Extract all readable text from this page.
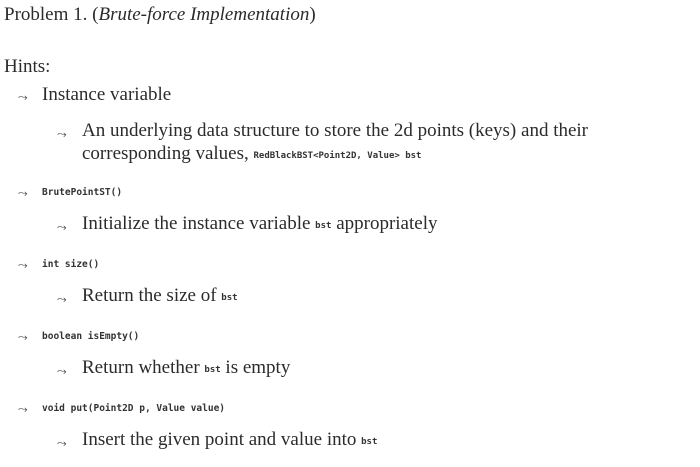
Problem 1. (Brute-force Implementation)
Hints:
⤳ Instance variable
⤳ An underlying data structure to store the 2d points (keys) and their
corresponding values, RedBlackBST<Point2D, Value> bst
⤳ BrutePointST()
⤳ Initialize the instance variable bst appropriately
⤳ int size()
⤳ Return the size of bst
⤳ boolean isEmpty()
⤳ Return whether bst is empty
⤳ void put(Point2D p, Value value)
⤳ Insert the given point and value into bst
